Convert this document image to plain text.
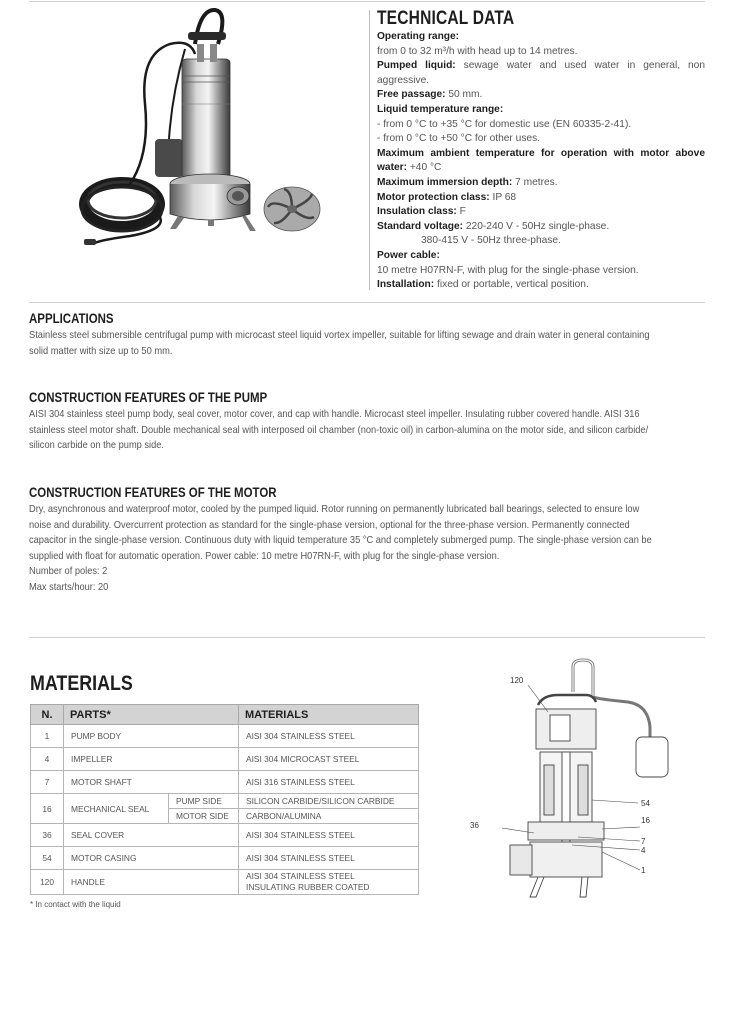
TECHNICAL DATA
Operating range:
from 0 to 32 m³/h with head up to 14 metres.
Pumped liquid: sewage water and used water in general, non aggressive.
Free passage: 50 mm.
Liquid temperature range:
- from 0 °C to +35 °C for domestic use (EN 60335-2-41).
- from 0 °C to +50 °C for other uses.
Maximum ambient temperature for operation with motor above water: +40 °C
Maximum immersion depth: 7 metres.
Motor protection class: IP 68
Insulation class: F
Standard voltage: 220-240 V - 50Hz single-phase.
380-415 V - 50Hz three-phase.
Power cable:
10 metre H07RN-F, with plug for the single-phase version.
Installation: fixed or portable, vertical position.
APPLICATIONS
Stainless steel submersible centrifugal pump with microcast steel liquid vortex impeller, suitable for lifting sewage and drain water in general containing
solid matter with size up to 50 mm.
CONSTRUCTION FEATURES OF THE PUMP
AISI 304 stainless steel pump body, seal cover, motor cover, and cap with handle. Microcast steel impeller. Insulating rubber covered handle. AISI 316
stainless steel motor shaft. Double mechanical seal with interposed oil chamber (non-toxic oil) in carbon-alumina on the motor side, and silicon carbide/
silicon carbide on the pump side.
CONSTRUCTION FEATURES OF THE MOTOR
Dry, asynchronous and waterproof motor, cooled by the pumped liquid. Rotor running on permanently lubricated ball bearings, selected to ensure low
noise and durability. Overcurrent protection as standard for the single-phase version, optional for the three-phase version. Permanently connected
capacitor in the single-phase version. Continuous duty with liquid temperature 35 °C and completely submerged pump. The single-phase version can be
supplied with float for automatic operation. Power cable: 10 metre H07RN-F, with plug for the single-phase version.
Number of poles: 2
Max starts/hour: 20
MATERIALS
N.	PARTS*		MATERIALS
1	PUMP BODY		AISI 304 STAINLESS STEEL
4	IMPELLER		AISI 304 MICROCAST STEEL
7	MOTOR SHAFT		AISI 316 STAINLESS STEEL
16	MECHANICAL SEAL	PUMP SIDE	SILICON CARBIDE/SILICON CARBIDE
		MOTOR SIDE	CARBON/ALUMINA
36	SEAL COVER		AISI 304 STAINLESS STEEL
54	MOTOR CASING		AISI 304 STAINLESS STEEL
120	HANDLE		AISI 304 STAINLESS STEEL
INSULATING RUBBER COATED
* In contact with the liquid
120
54
16
36
7
4
1
